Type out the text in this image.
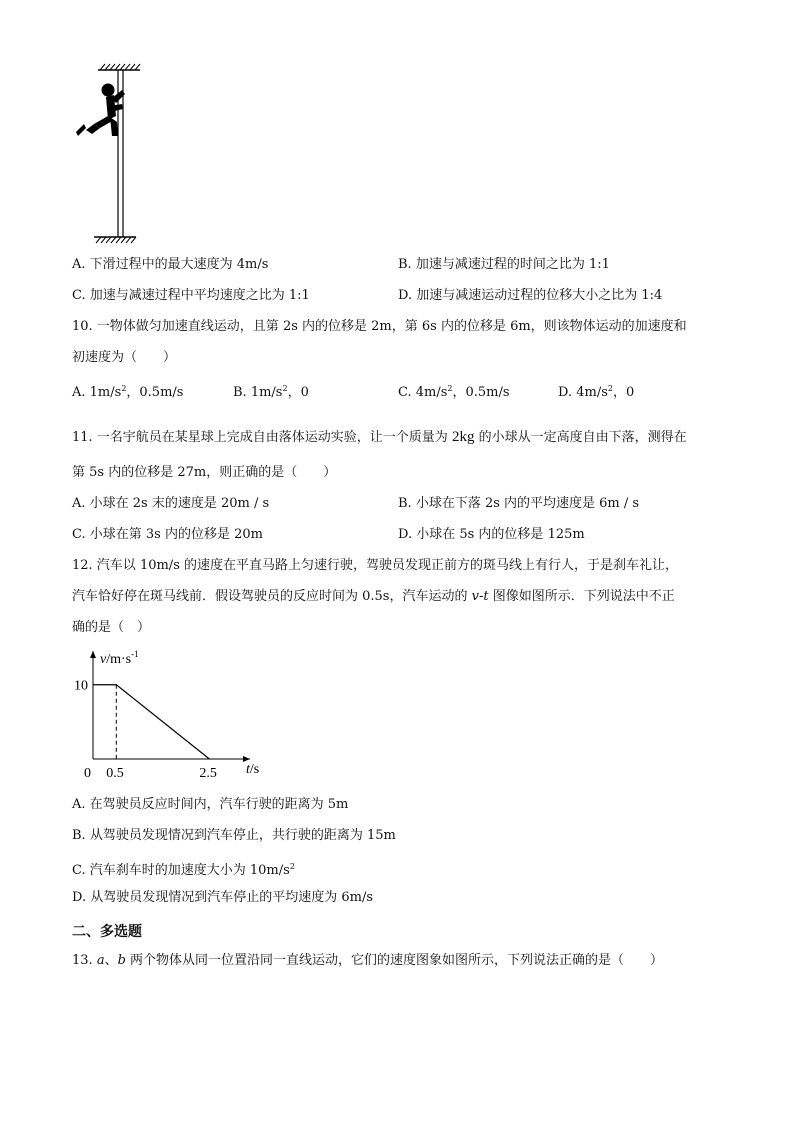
A. 下滑过程中的最大速度为 4m/s	B. 加速与减速过程的时间之比为 1:1
C. 加速与减速过程中平均速度之比为 1:1	D. 加速与减速运动过程的位移大小之比为 1:4
10. 一物体做匀加速直线运动，且第 2s 内的位移是 2m，第 6s 内的位移是 6m，则该物体运动的加速度和
初速度为（　　）
A. $1m/s^2$，0.5m/s	B. $1m/s^2$，0	C. $4m/s^2$，0.5m/s	D. $4m/s^2$，0
11. 一名宇航员在某星球上完成自由落体运动实验，让一个质量为 2kg 的小球从一定高度自由下落，测得在
第 5s 内的位移是 27m，则正确的是（　　）
A. 小球在 2s 末的速度是 20m / s	B. 小球在下落 2s 内的平均速度是 6m / s
C. 小球在第 3s 内的位移是 20m	D. 小球在 5s 内的位移是 125m
12. 汽车以 10m/s 的速度在平直马路上匀速行驶，驾驶员发现正前方的斑马线上有行人，于是刹车礼让，
汽车恰好停在斑马线前．假设驾驶员的反应时间为 0.5s，汽车运动的 v-t 图像如图所示．下列说法中不正
确的是（　）
10
0 0.5	2.5
$v/m\cdot s^{-1}$
t/s
A. 在驾驶员反应时间内，汽车行驶的距离为 5m
B. 从驾驶员发现情况到汽车停止，共行驶的距离为 15m
C. 汽车刹车时的加速度大小为 $10m/s^2$
D. 从驾驶员发现情况到汽车停止的平均速度为 6m/s
二、多选题
13. a、b 两个物体从同一位置沿同一直线运动，它们的速度图象如图所示，下列说法正确的是（　　）
